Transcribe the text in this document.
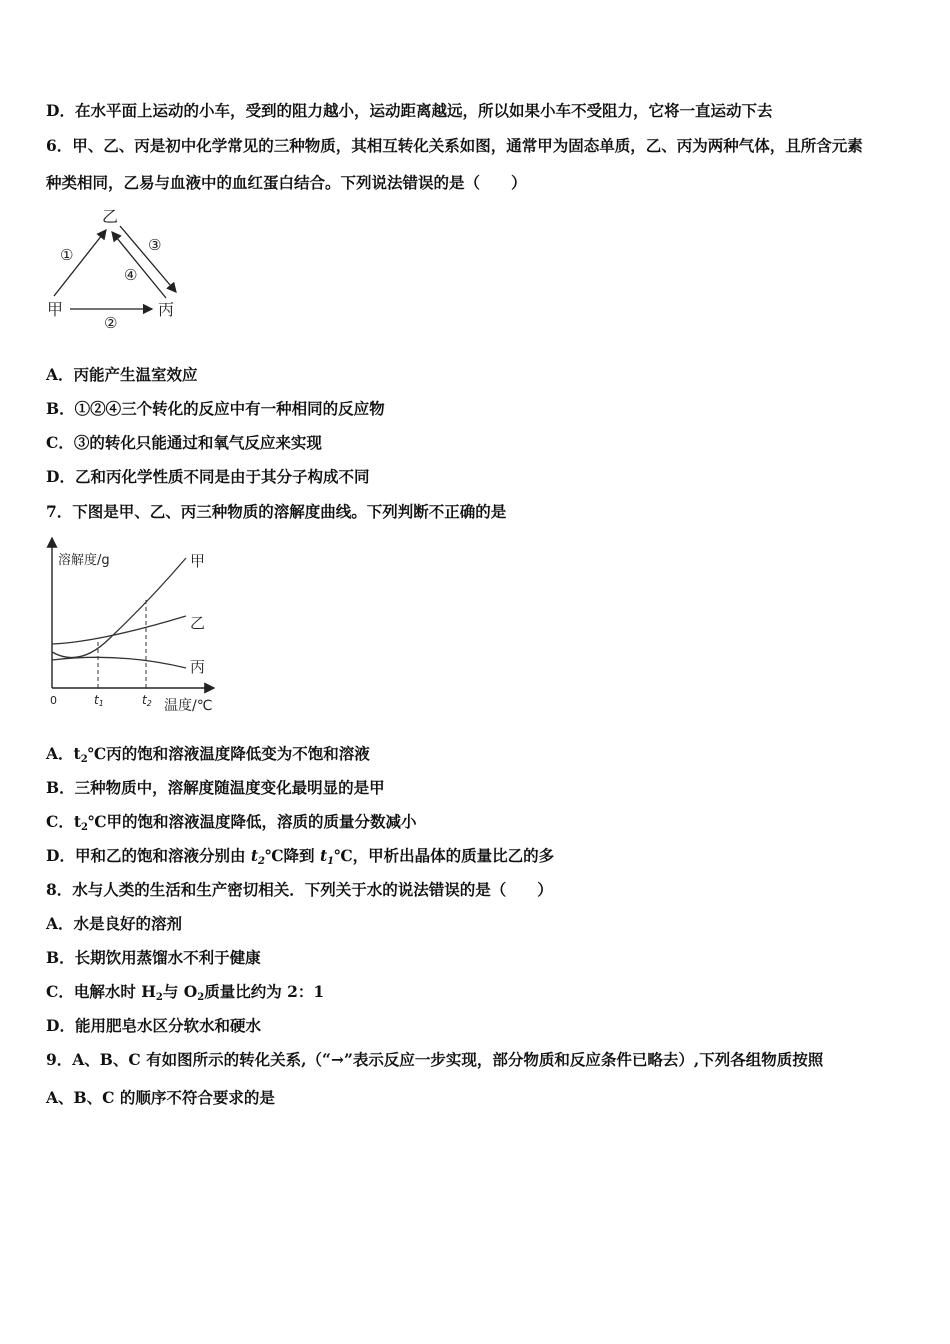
D．在水平面上运动的小车，受到的阻力越小，运动距离越远，所以如果小车不受阻力，它将一直运动下去
6．甲、乙、丙是初中化学常见的三种物质，其相互转化关系如图，通常甲为固态单质，乙、丙为两种气体，且所含元素
种类相同，乙易与血液中的血红蛋白结合。下列说法错误的是（　　）
乙
甲	丙
①
③
④
②
A．丙能产生温室效应
B．①②④三个转化的反应中有一种相同的反应物
C．③的转化只能通过和氧气反应来实现
D．乙和丙化学性质不同是由于其分子构成不同
7．下图是甲、乙、丙三种物质的溶解度曲线。下列判断不正确的是
溶解度/g
温度/℃
0	t1	t2
甲
乙
丙
A．$t_2℃$丙的饱和溶液温度降低变为不饱和溶液
B．三种物质中，溶解度随温度变化最明显的是甲
C．$t_2℃$甲的饱和溶液温度降低，溶质的质量分数减小
D．甲和乙的饱和溶液分别由 $t_2℃$降到 $t_1℃$，甲析出晶体的质量比乙的多
8．水与人类的生活和生产密切相关．下列关于水的说法错误的是（　　）
A．水是良好的溶剂
B．长期饮用蒸馏水不利于健康
C．电解水时 $H_2$与 $O_2$质量比约为 2：1
D．能用肥皂水区分软水和硬水
9．A、B、C 有如图所示的转化关系,（“→”表示反应一步实现，部分物质和反应条件已略去）,下列各组物质按照
A、B、C 的顺序不符合要求的是
